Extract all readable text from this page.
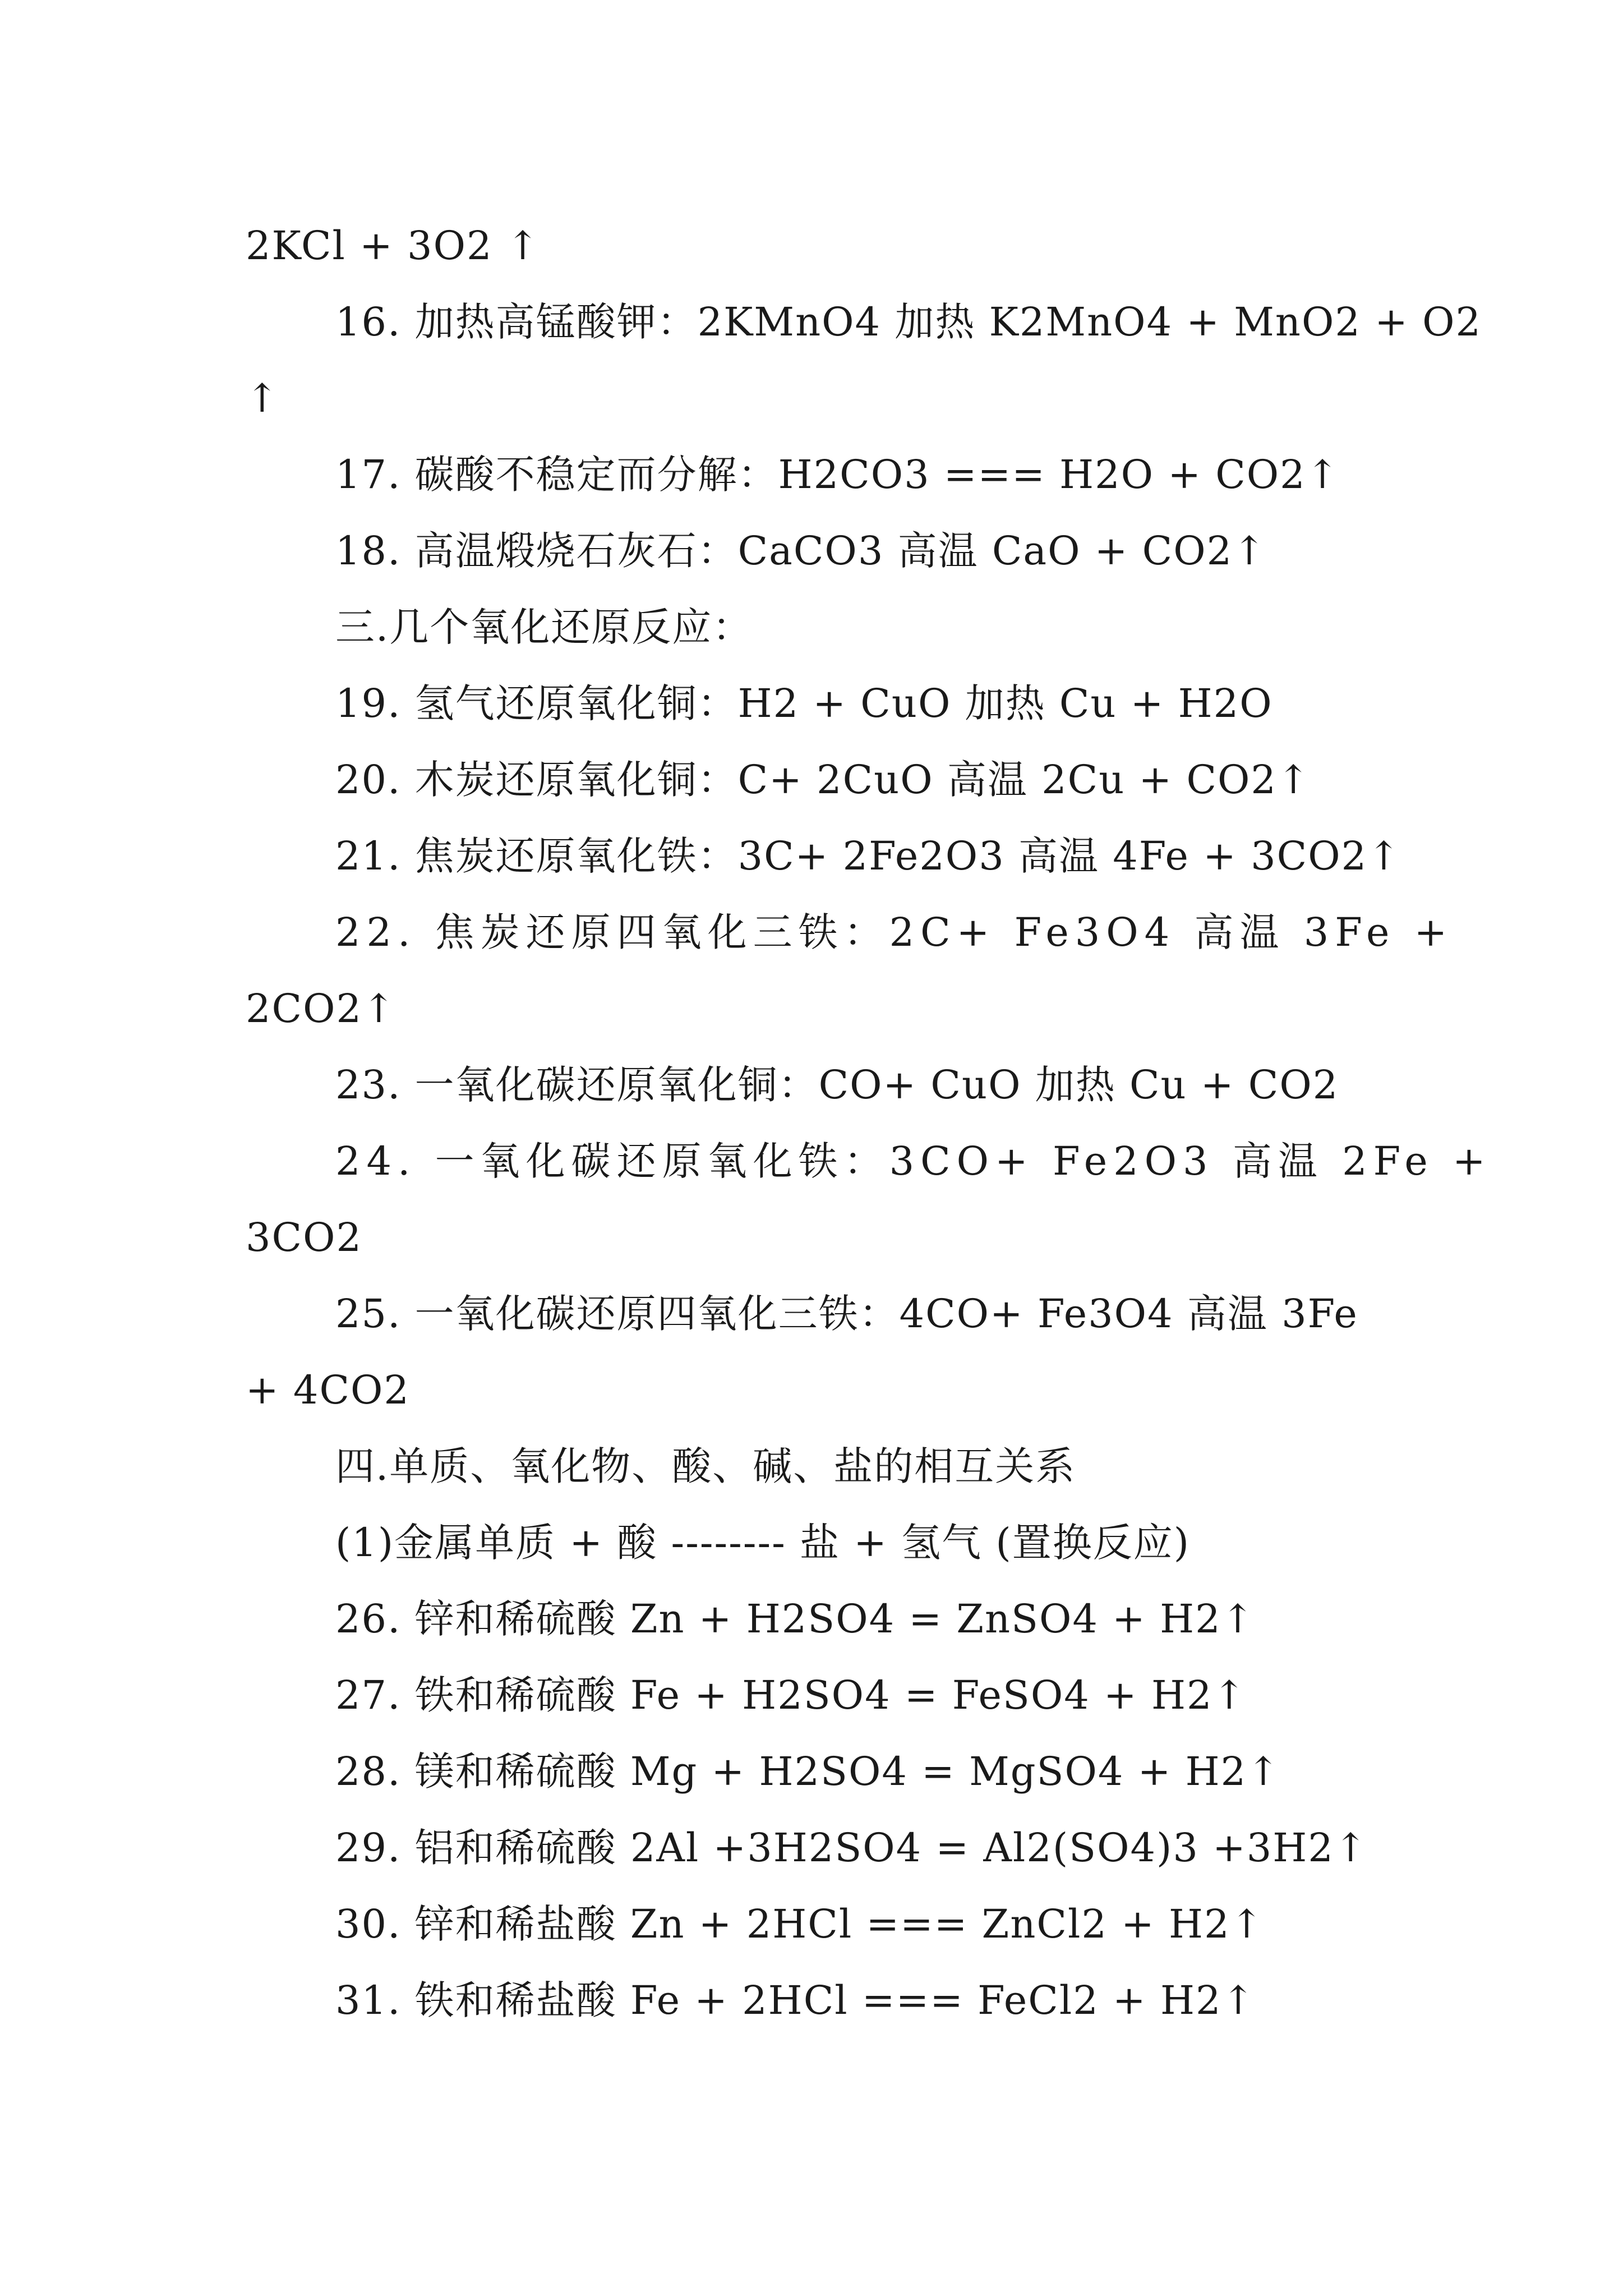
2KCl + 3O2 ↑
16. 加热高锰酸钾：2KMnO4 加热 K2MnO4 + MnO2 + O2
↑
17. 碳酸不稳定而分解：H2CO3 === H2O + CO2↑
18. 高温煅烧石灰石：CaCO3 高温 CaO + CO2↑
三.几个氧化还原反应：
19. 氢气还原氧化铜：H2 + CuO 加热 Cu + H2O
20. 木炭还原氧化铜：C+ 2CuO 高温 2Cu + CO2↑
21. 焦炭还原氧化铁：3C+ 2Fe2O3 高温 4Fe + 3CO2↑
22. 焦炭还原四氧化三铁：2C+ Fe3O4 高温 3Fe +
2CO2↑
23. 一氧化碳还原氧化铜：CO+ CuO 加热 Cu + CO2
24. 一氧化碳还原氧化铁：3CO+ Fe2O3 高温 2Fe +
3CO2
25. 一氧化碳还原四氧化三铁：4CO+ Fe3O4 高温 3Fe
+ 4CO2
四.单质、氧化物、酸、碱、盐的相互关系
(1)金属单质 + 酸 -------- 盐 + 氢气 (置换反应)
26. 锌和稀硫酸 Zn + H2SO4 = ZnSO4 + H2↑
27. 铁和稀硫酸 Fe + H2SO4 = FeSO4 + H2↑
28. 镁和稀硫酸 Mg + H2SO4 = MgSO4 + H2↑
29. 铝和稀硫酸 2Al +3H2SO4 = Al2(SO4)3 +3H2↑
30. 锌和稀盐酸 Zn + 2HCl === ZnCl2 + H2↑
31. 铁和稀盐酸 Fe + 2HCl === FeCl2 + H2↑
